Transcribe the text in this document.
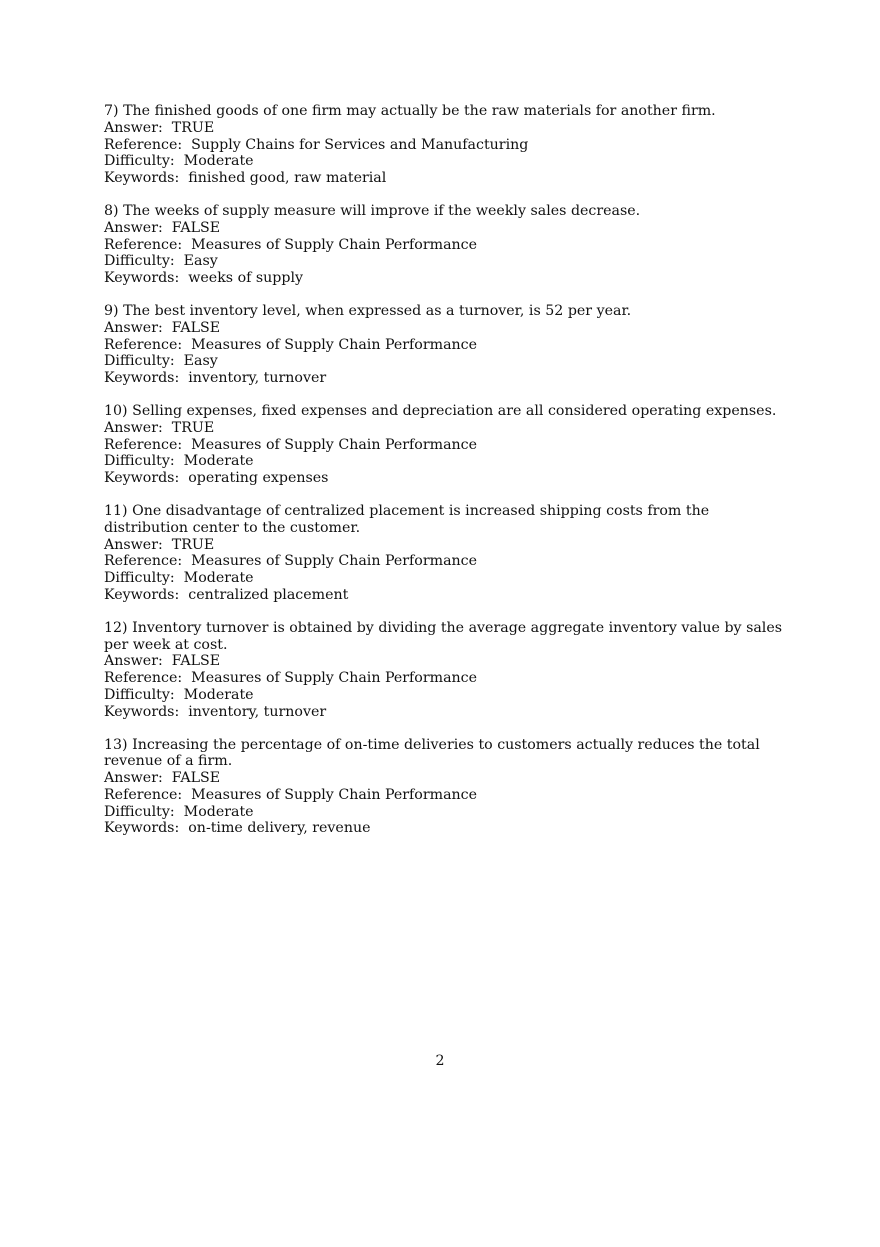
7) The finished goods of one firm may actually be the raw materials for another firm.
Answer:  TRUE
Reference:  Supply Chains for Services and Manufacturing
Difficulty:  Moderate
Keywords:  finished good, raw material
8) The weeks of supply measure will improve if the weekly sales decrease.
Answer:  FALSE
Reference:  Measures of Supply Chain Performance
Difficulty:  Easy
Keywords:  weeks of supply
9) The best inventory level, when expressed as a turnover, is 52 per year.
Answer:  FALSE
Reference:  Measures of Supply Chain Performance
Difficulty:  Easy
Keywords:  inventory, turnover
10) Selling expenses, fixed expenses and depreciation are all considered operating expenses.
Answer:  TRUE
Reference:  Measures of Supply Chain Performance
Difficulty:  Moderate
Keywords:  operating expenses
11) One disadvantage of centralized placement is increased shipping costs from the distribution center to the customer.
Answer:  TRUE
Reference:  Measures of Supply Chain Performance
Difficulty:  Moderate
Keywords:  centralized placement
12) Inventory turnover is obtained by dividing the average aggregate inventory value by sales per week at cost.
Answer:  FALSE
Reference:  Measures of Supply Chain Performance
Difficulty:  Moderate
Keywords:  inventory, turnover
13) Increasing the percentage of on-time deliveries to customers actually reduces the total revenue of a firm.
Answer:  FALSE
Reference:  Measures of Supply Chain Performance
Difficulty:  Moderate
Keywords:  on-time delivery, revenue
2
